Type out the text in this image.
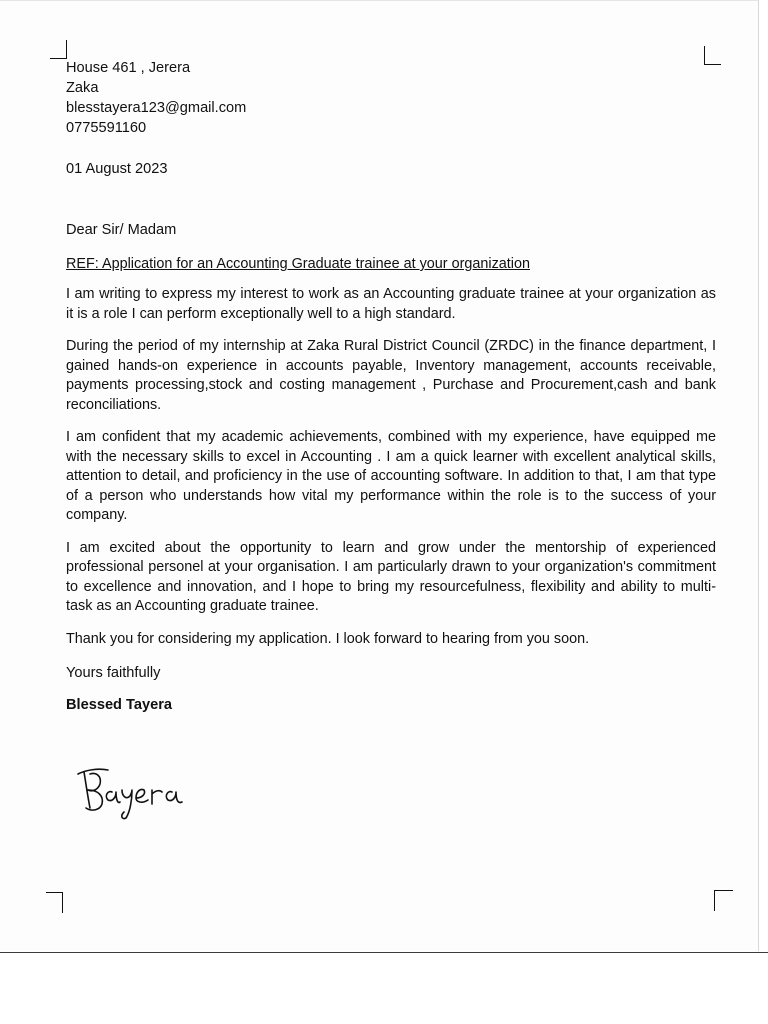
House 461 , Jerera
Zaka
blesstayera123@gmail.com
0775591160
01 August 2023
Dear Sir/ Madam
REF: Application for an Accounting Graduate trainee at your organization

I am writing to express my interest to work as an Accounting graduate trainee at your organization as it is a role I can perform exceptionally well to a high standard.

During the period of my internship at Zaka Rural District Council (ZRDC) in the finance department, I gained hands-on experience in accounts payable, Inventory management, accounts receivable, payments processing,stock and costing management , Purchase and Procurement,cash and bank reconciliations.

I am confident that my academic achievements, combined with my experience, have equipped me with the necessary skills to excel in Accounting . I am a quick learner with excellent analytical skills, attention to detail, and proficiency in the use of accounting software. In addition to that, I am that type of a person who understands how vital my performance within the role is to the success of your company.

I am excited about the opportunity to learn and grow under the mentorship of experienced professional personel at your organisation. I am particularly drawn to your organization's commitment to excellence and innovation, and I hope to bring my resourcefulness, flexibility and ability to multi-task as an Accounting graduate trainee.

Thank you for considering my application. I look forward to hearing from you soon.

Yours faithfully
Blessed Tayera
